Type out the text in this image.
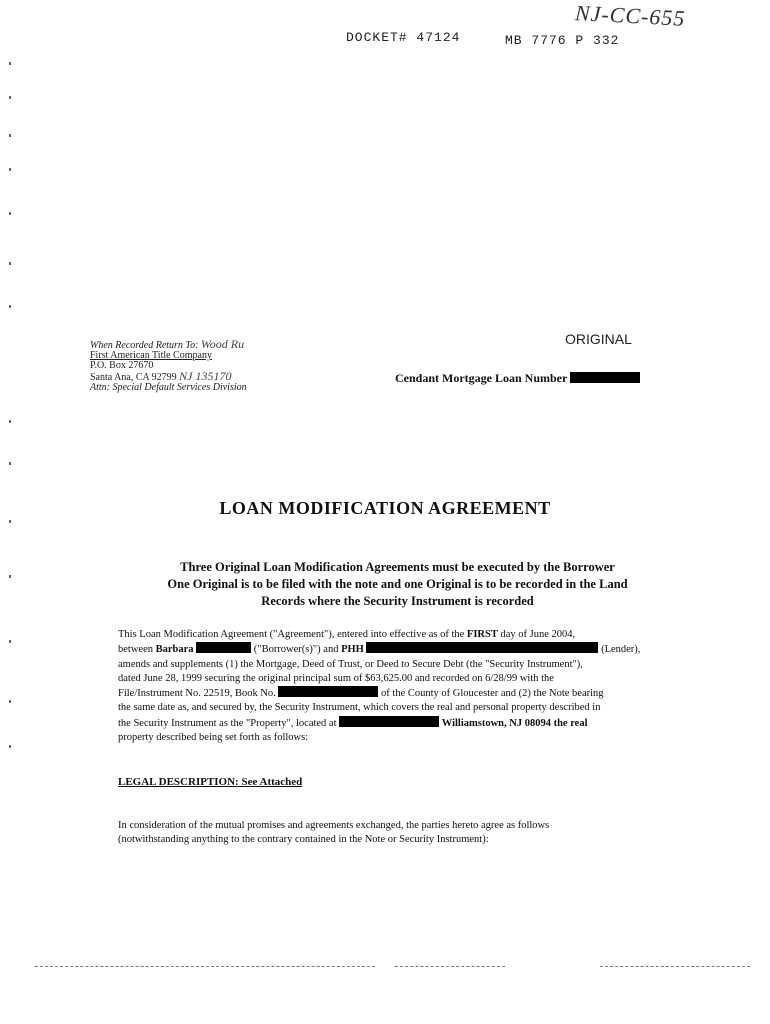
NJ-CC-655
DOCKET# 47124	MB 7776 P 332
When Recorded Return To: Wood Ru
First American Title Company
P.O. Box 27670
Santa Ana, CA 92799 NJ 135170
Attn: Special Default Services Division
ORIGINAL
Cendant Mortgage Loan Number
LOAN MODIFICATION AGREEMENT
Three Original Loan Modification Agreements must be executed by the Borrower
One Original is to be filed with the note and one Original is to be recorded in the Land
Records where the Security Instrument is recorded
This Loan Modification Agreement ("Agreement"), entered into effective as of the FIRST day of June 2004,
between Barbara	("Borrower(s)") and PHH	(Lender),
amends and supplements (1) the Mortgage, Deed of Trust, or Deed to Secure Debt (the "Security Instrument"),
dated June 28, 1999 securing the original principal sum of $63,625.00 and recorded on 6/28/99 with the
File/Instrument No. 22519, Book No.	of the County of Gloucester and (2) the Note bearing
the same date as, and secured by, the Security Instrument, which covers the real and personal property described in
the Security Instrument as the "Property", located at	Williamstown, NJ 08094 the real
property described being set forth as follows:
LEGAL DESCRIPTION: See Attached
In consideration of the mutual promises and agreements exchanged, the parties hereto agree as follows
(notwithstanding anything to the contrary contained in the Note or Security Instrument):
